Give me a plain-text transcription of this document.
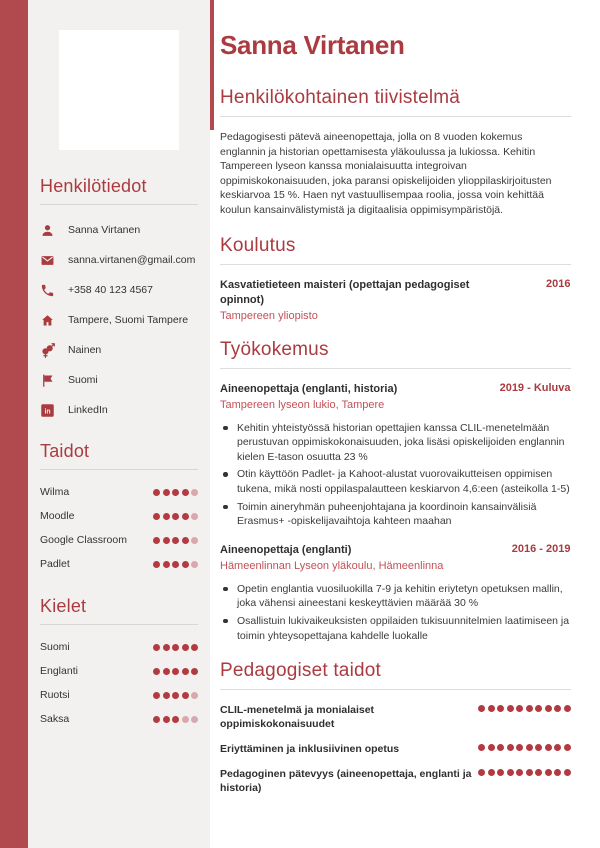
Henkilötiedot
Sanna Virtanen
sanna.virtanen@gmail.com
+358 40 123 4567
Tampere, Suomi Tampere
Nainen
Suomi
in LinkedIn
Taidot
Wilma
Moodle
Google Classroom
Padlet
Kielet
Suomi
Englanti
Ruotsi
Saksa
Sanna Virtanen
Henkilökohtainen tiivistelmä

Pedagogisesti pätevä aineenopettaja, jolla on 8 vuoden kokemus englannin ja historian opettamisesta yläkoulussa ja lukiossa. Kehitin Tampereen lyseon kanssa monialaisuutta integroivan oppimiskokonaisuuden, joka paransi opiskelijoiden ylioppilaskirjoitusten keskiarvoa 15 %. Haen nyt vastuullisempaa roolia, jossa voin kehittää koulun kansainvälistymistä ja digitaalisia oppimisympäristöjä.

Koulutus
Kasvatietieteen maisteri (opettajan pedagogiset opinnot)
2016
Tampereen yliopisto
Työkokemus
Aineenopettaja (englanti, historia)	2019 - Kuluva
Tampereen lyseon lukio, Tampere
Kehitin yhteistyössä historian opettajien kanssa CLIL-menetelmään perustuvan oppimiskokonaisuuden, joka lisäsi opiskelijoiden englannin kielen E-tason osuutta 23 %
Otin käyttöön Padlet- ja Kahoot-alustat vuorovaikutteisen oppimisen tukena, mikä nosti oppilaspalautteen keskiarvon 4,6:een (asteikolla 1-5)
Toimin aineryhmän puheenjohtajana ja koordinoin kansainvälisiä Erasmus+ -opiskelijavaihtoja kahteen maahan
Aineenopettaja (englanti)	2016 - 2019
Hämeenlinnan Lyseon yläkoulu, Hämeenlinna
Opetin englantia vuosiluokilla 7-9 ja kehitin eriytetyn opetuksen mallin, joka vähensi aineestani keskeyttävien määrää 30 %
Osallistuin lukivaikeuksisten oppilaiden tukisuunnitelmien laatimiseen ja toimin yhteysopettajana kahdelle luokalle
Pedagogiset taidot
CLIL-menetelmä ja monialaiset oppimiskokonaisuudet
Eriyttäminen ja inklusiivinen opetus
Pedagoginen pätevyys (aineenopettaja, englanti ja historia)
